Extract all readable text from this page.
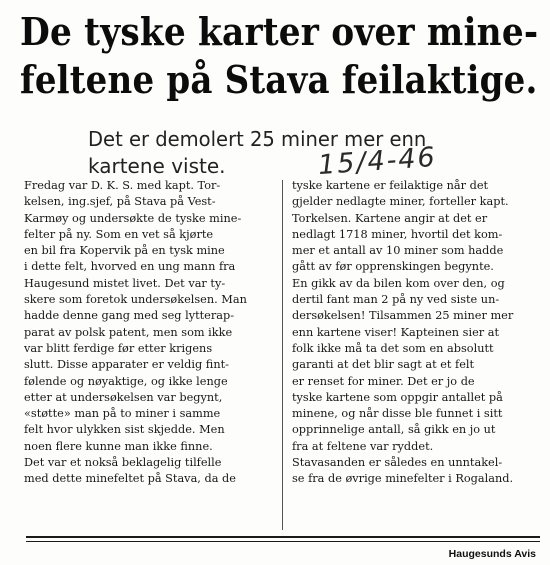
De tyske karter over mine-
feltene på Stava feilaktige.
Det er demolert 25 miner mer enn
kartene viste.	15/4-46
Fredag var D. K. S. med kapt. Tor-
kelsen, ing.sjef, på Stava på Vest-
Karmøy og undersøkte de tyske mine-
felter på ny. Som en vet så kjørte
en bil fra Kopervik på en tysk mine
i dette felt, hvorved en ung mann fra
Haugesund mistet livet. Det var ty-
skere som foretok undersøkelsen. Man
hadde denne gang med seg lytterap-
parat av polsk patent, men som ikke
var blitt ferdige før etter krigens
slutt. Disse apparater er veldig fint-
følende og nøyaktige, og ikke lenge
etter at undersøkelsen var begynt,
«støtte» man på to miner i samme
felt hvor ulykken sist skjedde. Men
noen flere kunne man ikke finne.
Det var et nokså beklagelig tilfelle
med dette minefeltet på Stava, da de
tyske kartene er feilaktige når det
gjelder nedlagte miner, forteller kapt.
Torkelsen. Kartene angir at det er
nedlagt 1718 miner, hvortil det kom-
mer et antall av 10 miner som hadde
gått av før opprenskingen begynte.
En gikk av da bilen kom over den, og
dertil fant man 2 på ny ved siste un-
dersøkelsen! Tilsammen 25 miner mer
enn kartene viser! Kapteinen sier at
folk ikke må ta det som en absolutt
garanti at det blir sagt at et felt
er renset for miner. Det er jo de
tyske kartene som oppgir antallet på
minene, og når disse ble funnet i sitt
opprinnelige antall, så gikk en jo ut
fra at feltene var ryddet.
Stavasanden er således en unntakel-
se fra de øvrige minefelter i Rogaland.
Haugesunds Avis
